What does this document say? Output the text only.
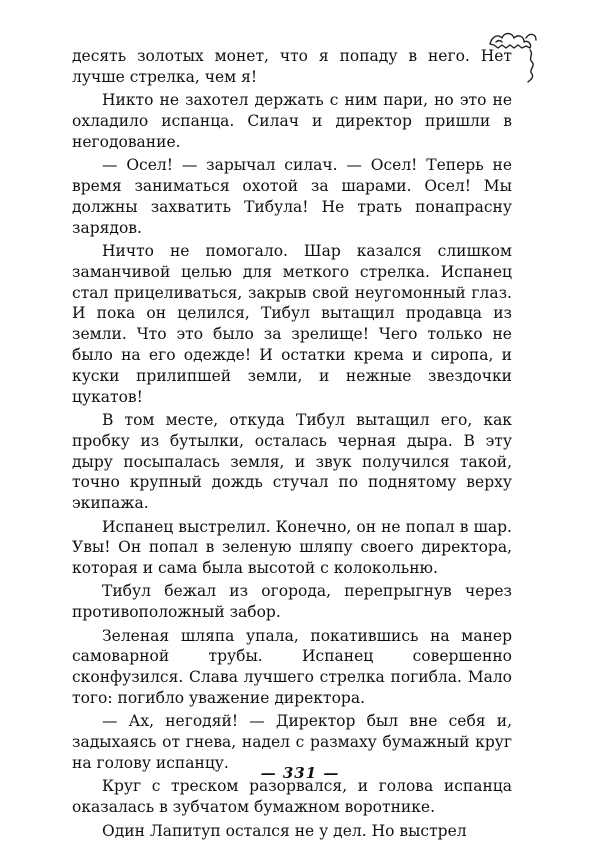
десять золотых монет, что я попаду в него. Нет лучше стрелка, чем я!

Никто не захотел держать с ним пари, но это не охладило испанца. Силач и директор пришли в негодование.

— Осел! — зарычал силач. — Осел! Теперь не время заниматься охотой за шарами. Осел! Мы должны захватить Тибула! Не трать понапрасну зарядов.

Ничто не помогало. Шар казался слишком заманчивой целью для меткого стрелка. Испанец стал прицеливаться, закрыв свой неугомонный глаз. И пока он целился, Тибул вытащил продавца из земли. Что это было за зрелище! Чего только не было на его одежде! И остатки крема и сиропа, и куски прилипшей земли, и нежные звездочки цукатов!

В том месте, откуда Тибул вытащил его, как пробку из бутылки, осталась черная дыра. В эту дыру посыпалась земля, и звук получился такой, точно крупный дождь стучал по поднятому верху экипажа.

Испанец выстрелил. Конечно, он не попал в шар. Увы! Он попал в зеленую шляпу своего директора, которая и сама была высотой с колокольню.

Тибул бежал из огорода, перепрыгнув через противоположный забор.

Зеленая шляпа упала, покатившись на манер самоварной трубы. Испанец совершенно сконфузился. Слава лучшего стрелка погибла. Мало того: погибло уважение директора.

— Ах, негодяй! — Директор был вне себя и, задыхаясь от гнева, надел с размаху бумажный круг на голову испанцу.

Круг с треском разорвался, и голова испанца оказалась в зубчатом бумажном воротнике.

Один Лапитуп остался не у дел. Но выстрел

— 331 —
